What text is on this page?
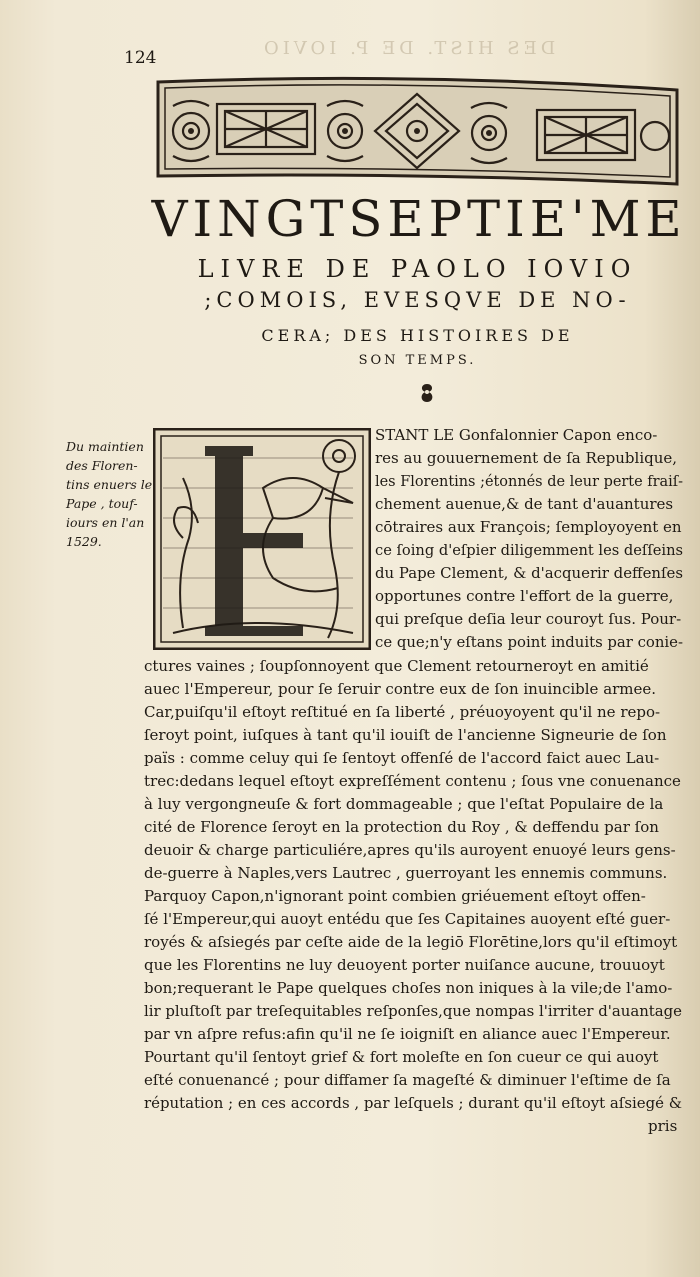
DES HIST. DE P. IOVIO
124
VINGTSEPTIE'ME
LIVRE DE PAOLO IOVIO
;COMOIS, EVESQVE DE NO-
CERA; DES HISTOIRES DE
SON TEMPS.
Du maintien
des Floren-
tins enuers le
Pape , touf-
iours en l'an
1529.
STANT LE Gonfalonnier Capon enco-
res au gouuernement de ſa Republique,
les Florentins ;étonnés de leur perte fraiſ-
chement auenue,& de tant d'auantures
cōtraires aux François; ſemployoyent en
ce ſoing d'eſpier diligemment les deſſeins
du Pape Clement, & d'acquerir deffenſes
opportunes contre l'effort de la guerre,
qui preſque deſia leur couroyt ſus. Pour-
ce que;n'y eſtans point induits par conie-
ctures vaines ; ſoupſonnoyent que Clement retourneroyt en amitié
auec l'Empereur, pour ſe ſeruir contre eux de ſon inuincible armee.
Car,puiſqu'il eſtoyt reſtitué en ſa liberté , préuoyoyent qu'il ne repo-
ſeroyt point, iuſques à tant qu'il iouiſt de l'ancienne Signeurie de ſon
païs : comme celuy qui ſe ſentoyt offenſé de l'accord faict auec Lau-
trec:dedans lequel eſtoyt expreſſément contenu ; ſous vne conuenance
à luy vergongneuſe & fort dommageable ; que l'eſtat Populaire de la
cité de Florence ſeroyt en la protection du Roy , & deffendu par ſon
deuoir & charge particuliére,apres qu'ils auroyent enuoyé leurs gens-
de-guerre à Naples,vers Lautrec , guerroyant les ennemis communs.
Parquoy Capon,n'ignorant point combien griéuement eſtoyt offen-
ſé l'Empereur,qui auoyt entédu que ſes Capitaines auoyent eſté guer-
royés & aſsiegés par ceſte aide de la legiō Florētine,lors qu'il eſtimoyt
que les Florentins ne luy deuoyent porter nuiſance aucune, trouuoyt
bon;requerant le Pape quelques choſes non iniques à la vile;de l'amo-
lir pluſtoſt par treſequitables reſponſes,que nompas l'irriter d'auantage
par vn aſpre refus:afin qu'il ne ſe ioigniſt en aliance auec l'Empereur.
Pourtant qu'il ſentoyt grief & fort moleſte en ſon cueur ce qui auoyt
eſté conuenancé ; pour diffamer ſa mageſté & diminuer l'eſtime de ſa
réputation ; en ces accords , par leſquels ; durant qu'il eſtoyt aſsiegé &
pris
